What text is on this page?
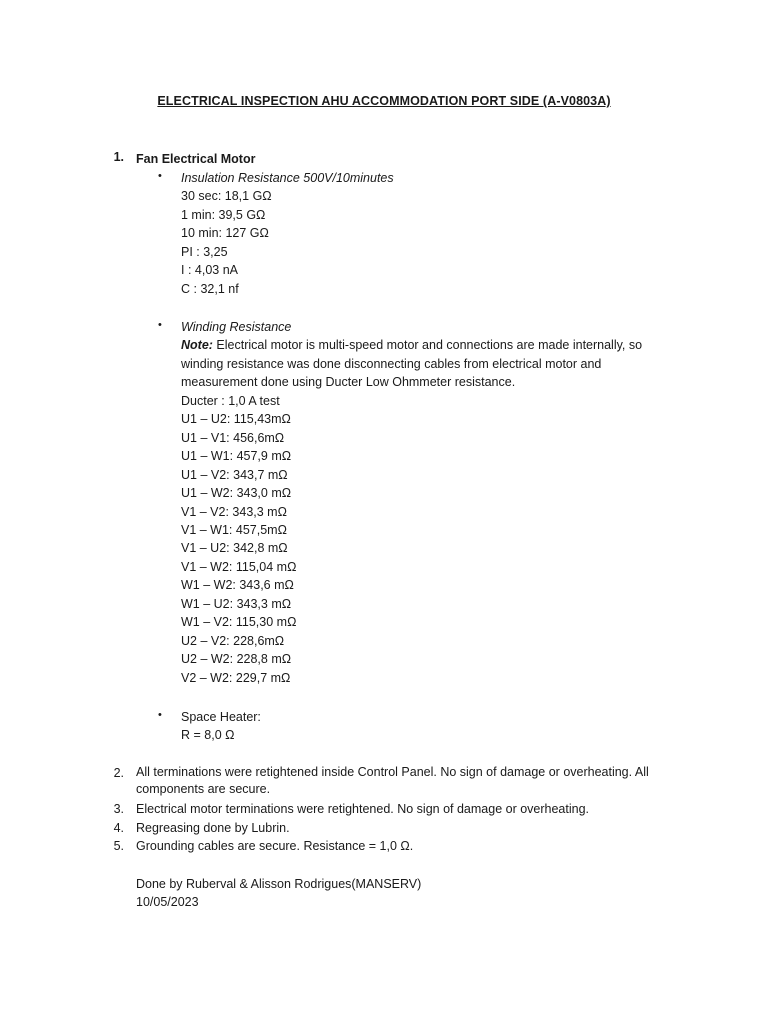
ELECTRICAL INSPECTION AHU ACCOMMODATION PORT SIDE (A-V0803A)
1. Fan Electrical Motor
• Insulation Resistance 500V/10minutes
30 sec: 18,1 GΩ
1 min: 39,5 GΩ
10 min: 127 GΩ
PI : 3,25
I : 4,03 nA
C : 32,1 nf
• Winding Resistance
Note: Electrical motor is multi-speed motor and connections are made internally, so
winding resistance was done disconnecting cables from electrical motor and
measurement done using Ducter Low Ohmmeter resistance.
Ducter : 1,0 A test
U1 – U2: 115,43mΩ
U1 – V1: 456,6mΩ
U1 – W1: 457,9 mΩ
U1 – V2: 343,7 mΩ
U1 – W2: 343,0 mΩ
V1 – V2: 343,3 mΩ
V1 – W1: 457,5mΩ
V1 – U2: 342,8 mΩ
V1 – W2: 115,04 mΩ
W1 – W2: 343,6 mΩ
W1 – U2: 343,3 mΩ
W1 – V2: 115,30 mΩ
U2 – V2: 228,6mΩ
U2 – W2: 228,8 mΩ
V2 – W2: 229,7 mΩ
• Space Heater:
R = 8,0 Ω
2. All terminations were retightened inside Control Panel. No sign of damage or overheating. All
components are secure.
3. Electrical motor terminations were retightened. No sign of damage or overheating.
4. Regreasing done by Lubrin.
5. Grounding cables are secure. Resistance = 1,0 Ω.
Done by Ruberval & Alisson Rodrigues(MANSERV)
10/05/2023
